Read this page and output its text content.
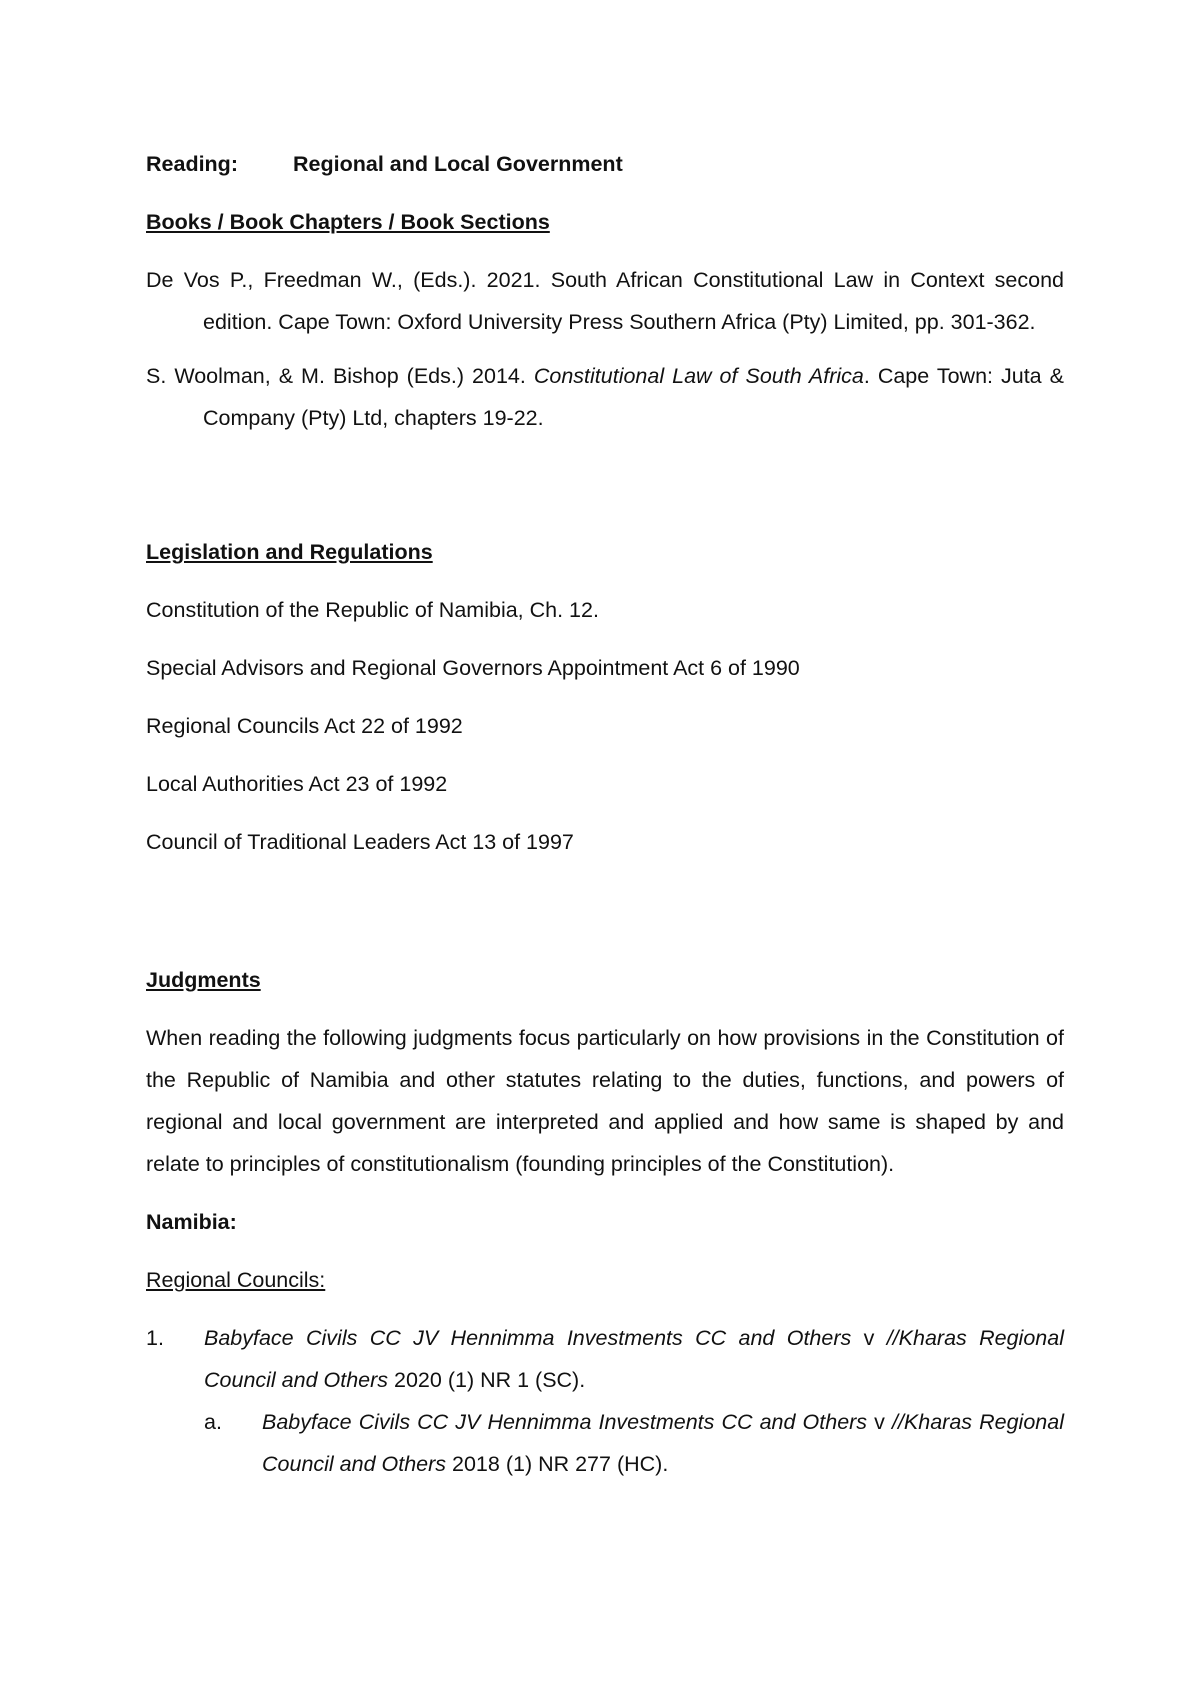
Reading:	Regional and Local Government

Books / Book Chapters / Book Sections

De Vos P., Freedman W., (Eds.). 2021. South African Constitutional Law in Context second edition. Cape Town: Oxford University Press Southern Africa (Pty) Limited, pp. 301-362.

S. Woolman, & M. Bishop (Eds.) 2014. Constitutional Law of South Africa. Cape Town: Juta & Company (Pty) Ltd, chapters 19-22.

Legislation and Regulations

Constitution of the Republic of Namibia, Ch. 12.

Special Advisors and Regional Governors Appointment Act 6 of 1990

Regional Councils Act 22 of 1992

Local Authorities Act 23 of 1992

Council of Traditional Leaders Act 13 of 1997

Judgments

When reading the following judgments focus particularly on how provisions in the Constitution of the Republic of Namibia and other statutes relating to the duties, functions, and powers of regional and local government are interpreted and applied and how same is shaped by and relate to principles of constitutionalism (founding principles of the Constitution).

Namibia:

Regional Councils:

1. Babyface Civils CC JV Hennimma Investments CC and Others v //Kharas Regional Council and Others 2020 (1) NR 1 (SC).
a. Babyface Civils CC JV Hennimma Investments CC and Others v //Kharas Regional Council and Others 2018 (1) NR 277 (HC).
